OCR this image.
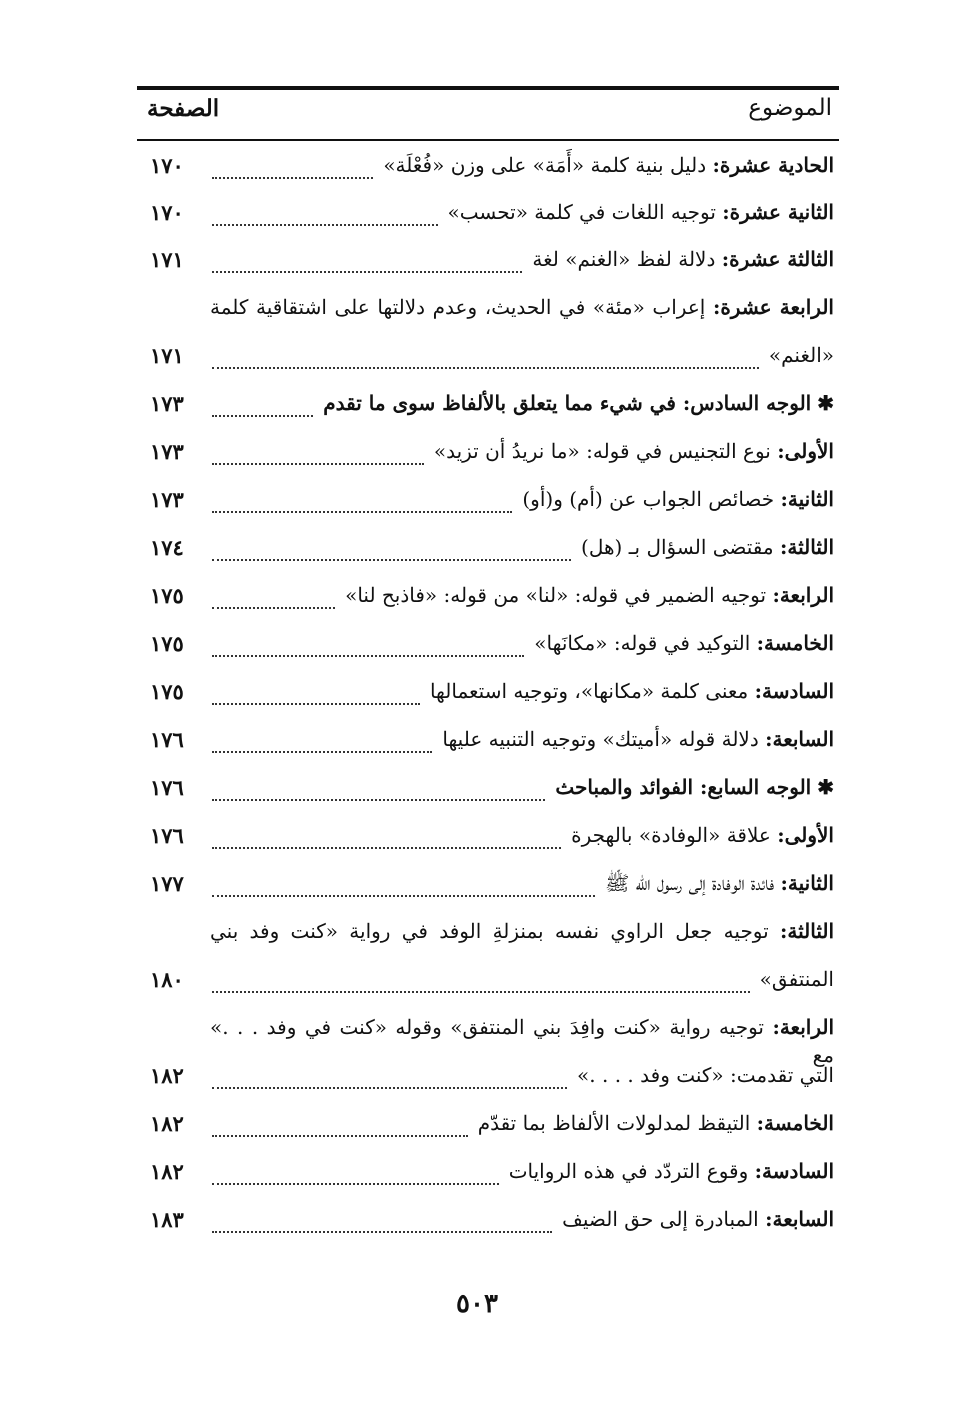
الموضوع
الصفحة
الحادية عشرة: دليل بنية كلمة «أَمَة» على وزن «فُعْلَة»
١٧٠
الثانية عشرة: توجيه اللغات في كلمة «تحسب»
١٧٠
الثالثة عشرة: دلالة لفظ «الغنم» لغة
١٧١
الرابعة عشرة: إعراب «مئة» في الحديث، وعدم دلالتها على اشتقاقية كلمة
«الغنم»
١٧١
✱الوجه السادس: في شيء مما يتعلق بالألفاظ سوى ما تقدم
١٧٣
الأولى: نوع التجنيس في قوله: «ما نريدُ أن تزيد»
١٧٣
الثانية: خصائص الجواب عن (أم) و(أو)
١٧٣
الثالثة: مقتضى السؤال بـ (هل)
١٧٤
الرابعة: توجيه الضمير في قوله: «لنا» من قوله: «فاذبح لنا»
١٧٥
الخامسة: التوكيد في قوله: «مكانَها»
١٧٥
السادسة: معنى كلمة «مكانها»، وتوجيه استعمالها
١٧٥
السابعة: دلالة قوله «أميتك» وتوجيه التنبيه عليها
١٧٦
✱الوجه السابع: الفوائد والمباحث
١٧٦
الأولى: علاقة «الوفادة» بالهجرة
١٧٦
الثانية: فائدة الوفادة إلى رسول الله ﷺ
١٧٧
الثالثة: توجيه جعل الراوي نفسه بمنزلةِ الوفد في رواية «كنت وفد بني
المنتفق»
١٨٠
الرابعة: توجيه رواية «كنت وافِدَ بني المنتفق» وقوله «كنت في وفد . . .» مع
التي تقدمت: «كنت وفد . . . .»
١٨٢
الخامسة: التيقظ لمدلولات الألفاظ بما تقدّم
١٨٢
السادسة: وقوع التردّد في هذه الروايات
١٨٢
السابعة: المبادرة إلى حق الضيف
١٨٣
٥٠٣
